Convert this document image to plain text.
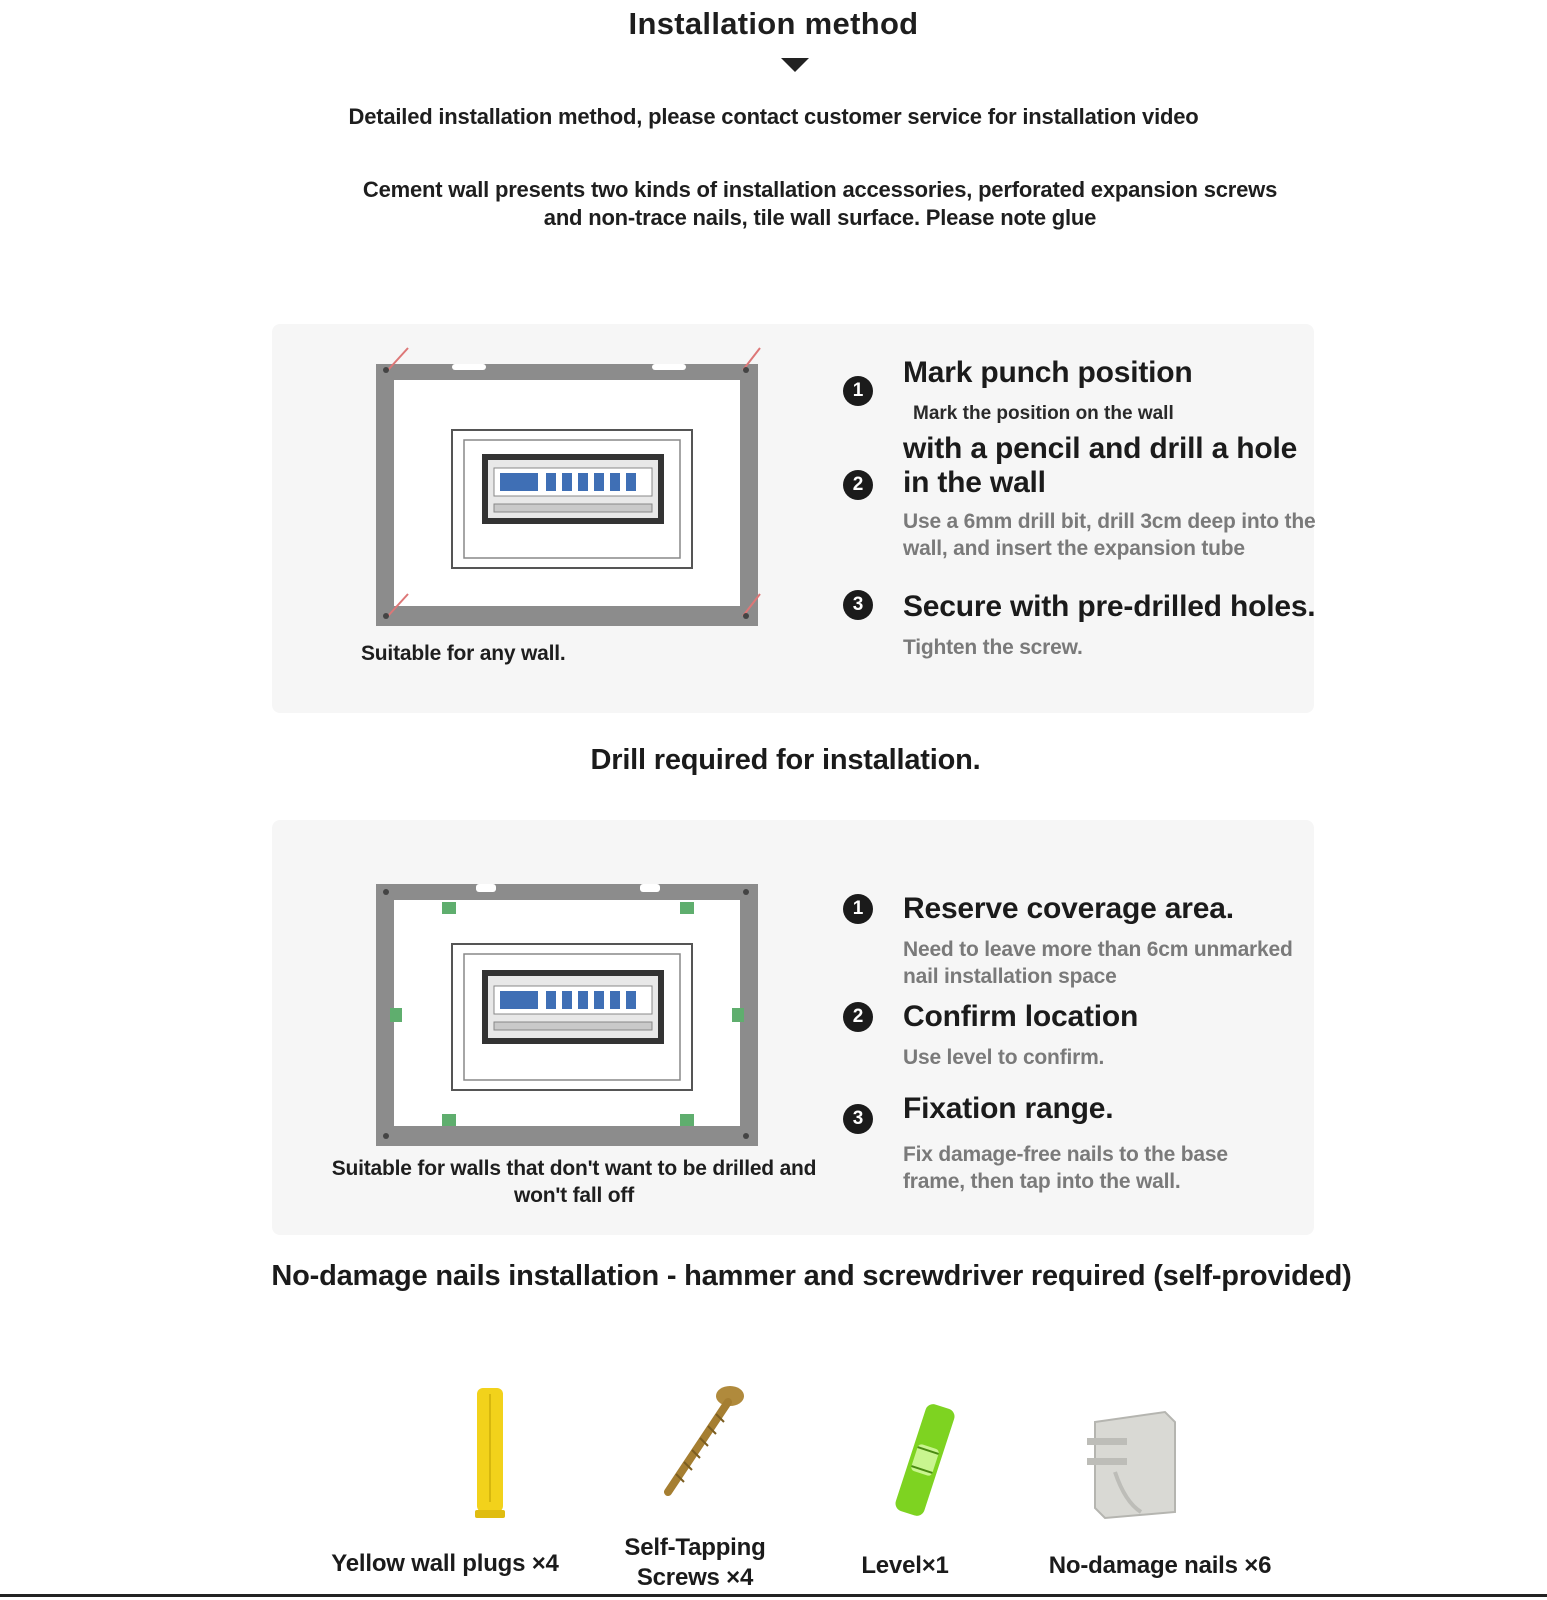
Installation method
Detailed installation method, please contact customer service for installation video
Cement wall presents two kinds of installation accessories, perforated expansion screws and non-trace nails, tile wall surface. Please note glue
Suitable for any wall.
1
Mark punch position
Mark the position on the wall
2
with a pencil and drill a hole in the wall
Use a 6mm drill bit, drill 3cm deep into the wall, and insert the expansion tube
3	Secure with pre-drilled holes.
Tighten the screw.
Drill required for installation.
Suitable for walls that don't want to be drilled and won't fall off
1	Reserve coverage area.
Need to leave more than 6cm unmarked nail installation space
2	Confirm location
Use level to confirm.
3	Fixation range.
Fix damage-free nails to the base frame, then tap into the wall.
No-damage nails installation - hammer and screwdriver required (self-provided)
Yellow wall plugs ×4
Self-Tapping Screws ×4	Level×1	No-damage nails ×6
